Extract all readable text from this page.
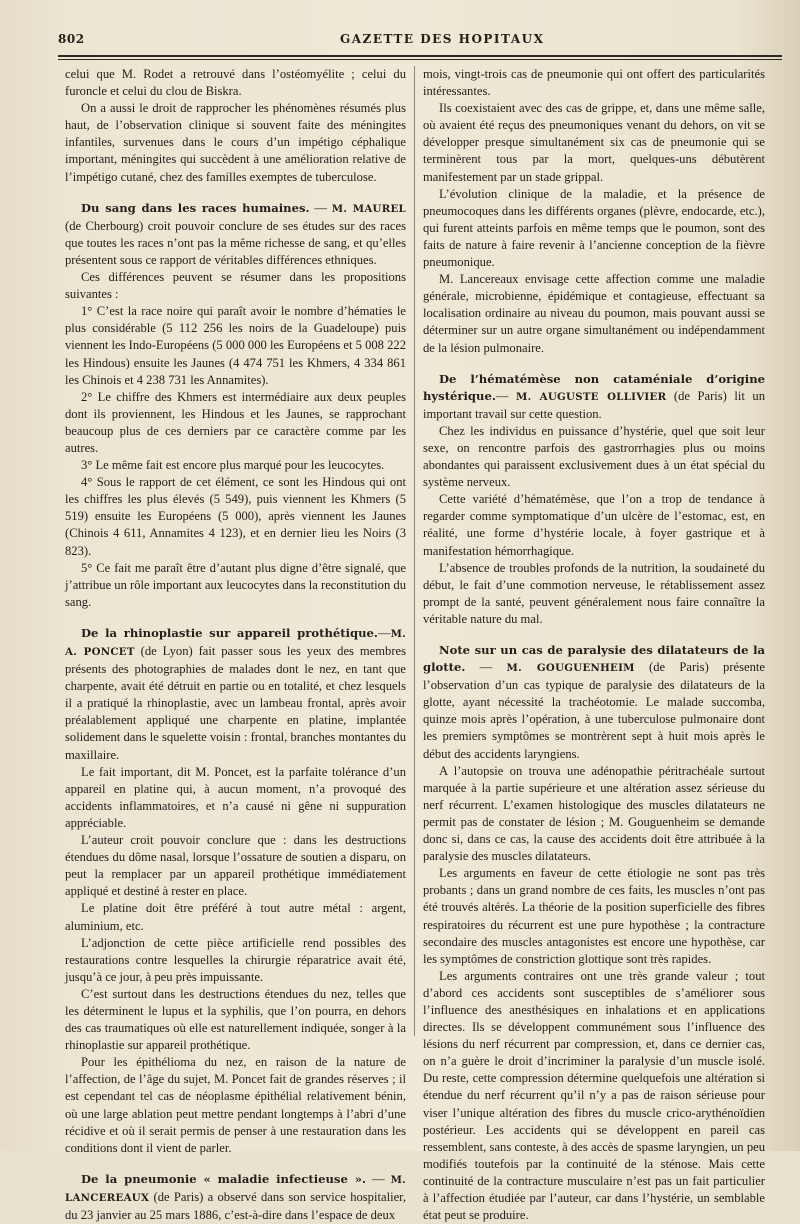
802	GAZETTE DES HOPITAUX

celui que M. Rodet a retrouvé dans l’ostéomyélite ; celui du furoncle et celui du clou de Biskra.

On a aussi le droit de rapprocher les phénomènes résumés plus haut, de l’observation clinique si souvent faite des méningites infantiles, survenues dans le cours d’un impétigo céphalique important, méningites qui succèdent à une amélioration relative de l’impétigo cutané, chez des familles exemptes de tuberculose.

Du sang dans les races humaines. — M. MAUREL (de Cherbourg) croit pouvoir conclure de ses études sur des races que toutes les races n’ont pas la même richesse de sang, et qu’elles présentent sous ce rapport de véritables différences ethniques.

Ces différences peuvent se résumer dans les propositions suivantes :

1° C’est la race noire qui paraît avoir le nombre d’hématies le plus considérable (5 112 256 les noirs de la Guadeloupe) puis viennent les Indo-Européens (5 000 000 les Européens et 5 008 222 les Hindous) ensuite les Jaunes (4 474 751 les Khmers, 4 334 861 les Chinois et 4 238 731 les Annamites).

2° Le chiffre des Khmers est intermédiaire aux deux peuples dont ils proviennent, les Hindous et les Jaunes, se rapprochant beaucoup plus de ces derniers par ce caractère comme par les autres.

3° Le même fait est encore plus marqué pour les leucocytes.

4° Sous le rapport de cet élément, ce sont les Hindous qui ont les chiffres les plus élevés (5 549), puis viennent les Khmers (5 519) ensuite les Européens (5 000), après viennent les Jaunes (Chinois 4 611, Annamites 4 123), et en dernier lieu les Noirs (3 823).

5° Ce fait me paraît être d’autant plus digne d’être signalé, que j’attribue un rôle important aux leucocytes dans la reconstitution du sang.

De la rhinoplastie sur appareil prothétique.—M. A. PONCET (de Lyon) fait passer sous les yeux des membres présents des photographies de malades dont le nez, en tant que charpente, avait été détruit en partie ou en totalité, et chez lesquels il a pratiqué la rhinoplastie, avec un lambeau frontal, après avoir préalablement appliqué une charpente en platine, implantée solidement dans le squelette voisin : frontal, branches montantes du maxillaire.

Le fait important, dit M. Poncet, est la parfaite tolérance d’un appareil en platine qui, à aucun moment, n’a provoqué des accidents inflammatoires, et n’a causé ni gêne ni suppuration appréciable.

L’auteur croit pouvoir conclure que : dans les destructions étendues du dôme nasal, lorsque l’ossature de soutien a disparu, on peut la remplacer par un appareil prothétique immédiatement appliqué et destiné à rester en place.

Le platine doit être préféré à tout autre métal : argent, aluminium, etc.

L’adjonction de cette pièce artificielle rend possibles des restaurations contre lesquelles la chirurgie réparatrice avait été, jusqu’à ce jour, à peu près impuissante.

C’est surtout dans les destructions étendues du nez, telles que les déterminent le lupus et la syphilis, que l’on pourra, en dehors des cas traumatiques où elle est naturellement indiquée, songer à la rhinoplastie sur appareil prothétique.

Pour les épithélioma du nez, en raison de la nature de l’affection, de l’âge du sujet, M. Poncet fait de grandes réserves ; il est cependant tel cas de néoplasme épithélial relativement bénin, où une large ablation peut mettre pendant longtemps à l’abri d’une récidive et où il serait permis de penser à une restauration dans les conditions dont il vient de parler.

De la pneumonie « maladie infectieuse ». — M. LANCEREAUX (de Paris) a observé dans son service hospitalier, du 23 janvier au 25 mars 1886, c’est-à-dire dans l’espace de deux

mois, vingt-trois cas de pneumonie qui ont offert des particularités intéressantes.

Ils coexistaient avec des cas de grippe, et, dans une même salle, où avaient été reçus des pneumoniques venant du dehors, on vit se développer presque simultanément six cas de pneumonie qui se terminèrent tous par la mort, quelques-uns débutèrent manifestement par un stade grippal.

L’évolution clinique de la maladie, et la présence de pneumocoques dans les différents organes (plèvre, endocarde, etc.), qui furent atteints parfois en même temps que le poumon, sont des faits de nature à faire revenir à l’ancienne conception de la fièvre pneumonique.

M. Lancereaux envisage cette affection comme une maladie générale, microbienne, épidémique et contagieuse, effectuant sa localisation ordinaire au niveau du poumon, mais pouvant aussi se déterminer sur un autre organe simultanément ou indépendamment de la lésion pulmonaire.

De l’hématémèse non cataméniale d’origine hystérique.— M. AUGUSTE OLLIVIER (de Paris) lit un important travail sur cette question.

Chez les individus en puissance d’hystérie, quel que soit leur sexe, on rencontre parfois des gastrorrhagies plus ou moins abondantes qui paraissent exclusivement dues à un état spécial du système nerveux.

Cette variété d’hématémèse, que l’on a trop de tendance à regarder comme symptomatique d’un ulcère de l’estomac, est, en réalité, une forme d’hystérie locale, à foyer gastrique et à manifestation hémorrhagique.

L’absence de troubles profonds de la nutrition, la soudaineté du début, le fait d’une commotion nerveuse, le rétablissement assez prompt de la santé, peuvent généralement nous faire connaître la véritable nature du mal.

Note sur un cas de paralysie des dilatateurs de la glotte. — M. GOUGUENHEIM (de Paris) présente l’observation d’un cas typique de paralysie des dilatateurs de la glotte, ayant nécessité la trachéotomie. Le malade succomba, quinze mois après l’opération, à une tuberculose pulmonaire dont les premiers symptômes se montrèrent sept à huit mois après le début des accidents laryngiens.

A l’autopsie on trouva une adénopathie péritrachéale surtout marquée à la partie supérieure et une altération assez sérieuse du nerf récurrent. L’examen histologique des muscles dilatateurs ne permit pas de constater de lésion ; M. Gouguenheim se demande donc si, dans ce cas, la cause des accidents doit être attribuée à la paralysie des muscles dilatateurs.

Les arguments en faveur de cette étiologie ne sont pas très probants ; dans un grand nombre de ces faits, les muscles n’ont pas été trouvés altérés. La théorie de la position superficielle des fibres respiratoires du récurrent est une pure hypothèse ; la contracture secondaire des muscles antagonistes est encore une hypothèse, car les symptômes de constriction glottique sont très rapides.

Les arguments contraires ont une très grande valeur ; tout d’abord ces accidents sont susceptibles de s’améliorer sous l’influence des anesthésiques en inhalations et en applications directes. Ils se développent communément sous l’influence des lésions du nerf récurrent par compression, et, dans ce dernier cas, on n’a guère le droit d’incriminer la paralysie d’un muscle isolé. Du reste, cette compression détermine quelquefois une altération si étendue du nerf récurrent qu’il n’y a pas de raison sérieuse pour viser l’unique altération des fibres du muscle crico-arythénoïdien postérieur. Les accidents qui se développent en pareil cas ressemblent, sans conteste, à des accès de spasme laryngien, un peu modifiés toutefois par la continuité de la sténose. Mais cette continuité de la contracture musculaire n’est pas un fait particulier à l’affection étudiée par l’auteur, car dans l’hystérie, un semblable état peut se produire.
